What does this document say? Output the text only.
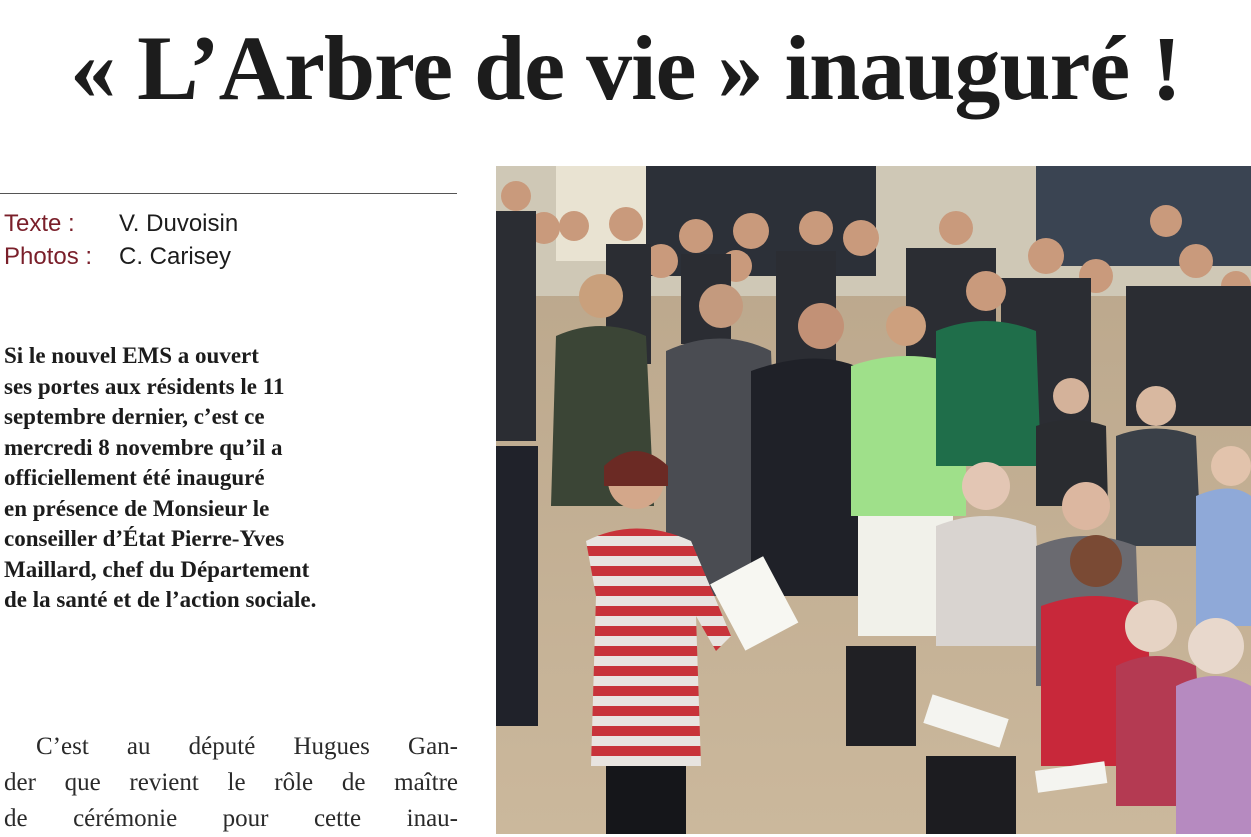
« L’Arbre de vie » inauguré !
Texte :	V. Duvoisin
Photos :	C. Carisey
Si le nouvel EMS a ouvert
ses portes aux résidents le 11
septembre dernier, c’est ce
mercredi 8 novembre qu’il a
officiellement été inauguré
en présence de Monsieur le
conseiller d’État Pierre-Yves
Maillard, chef du Département
de la santé et de l’action sociale.
C’est au député Hugues Gan-
der que revient le rôle de maître
de cérémonie pour cette inau-
